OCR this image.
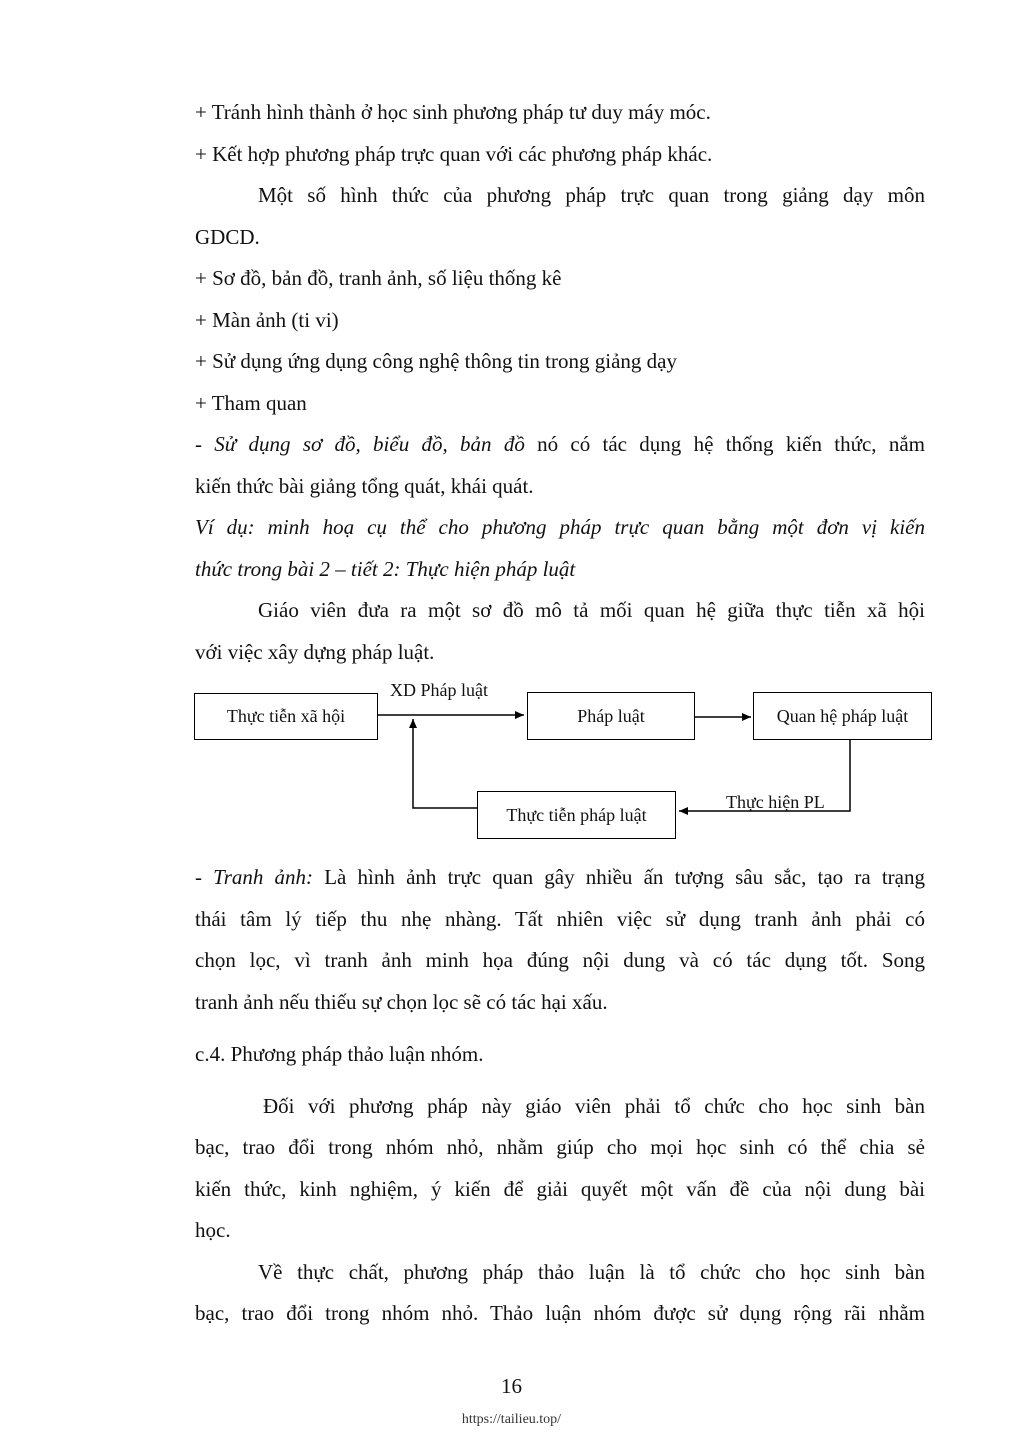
+ Tránh hình thành ở học sinh phương pháp tư duy máy móc.
+ Kết hợp phương pháp trực quan với các phương pháp khác.
Một số hình thức của phương pháp trực quan trong giảng dạy môn
GDCD.
+ Sơ đồ, bản đồ, tranh ảnh, số liệu thống kê
+ Màn ảnh (ti vi)
+ Sử dụng ứng dụng công nghệ thông tin trong giảng dạy
+ Tham quan
- Sử dụng sơ đồ, biểu đồ, bản đồ nó có tác dụng hệ thống kiến thức, nắm
kiến thức bài giảng tổng quát, khái quát.
Ví dụ: minh hoạ cụ thể cho phương pháp trực quan bằng một đơn vị kiến
thức trong bài 2 – tiết 2: Thực hiện pháp luật
Giáo viên đưa ra một sơ đồ mô tả mối quan hệ giữa thực tiễn xã hội
với việc xây dựng pháp luật.
Thực tiễn xã hội	Pháp luật	Quan hệ pháp luật
Thực tiễn pháp luật
XD Pháp luật
Thực hiện PL
- Tranh ảnh: Là hình ảnh trực quan gây nhiều ấn tượng sâu sắc, tạo ra trạng
thái tâm lý tiếp thu nhẹ nhàng. Tất nhiên việc sử dụng tranh ảnh phải có
chọn lọc, vì tranh ảnh minh họa đúng nội dung và có tác dụng tốt. Song
tranh ảnh nếu thiếu sự chọn lọc sẽ có tác hại xấu.
c.4. Phương pháp thảo luận nhóm.
Đối với phương pháp này giáo viên phải tổ chức cho học sinh bàn
bạc, trao đổi trong nhóm nhỏ, nhằm giúp cho mọi học sinh có thể chia sẻ
kiến thức, kinh nghiệm, ý kiến để giải quyết một vấn đề của nội dung bài
học.
Về thực chất, phương pháp thảo luận là tổ chức cho học sinh bàn
bạc, trao đổi trong nhóm nhỏ. Thảo luận nhóm được sử dụng rộng rãi nhằm
16
https://tailieu.top/
